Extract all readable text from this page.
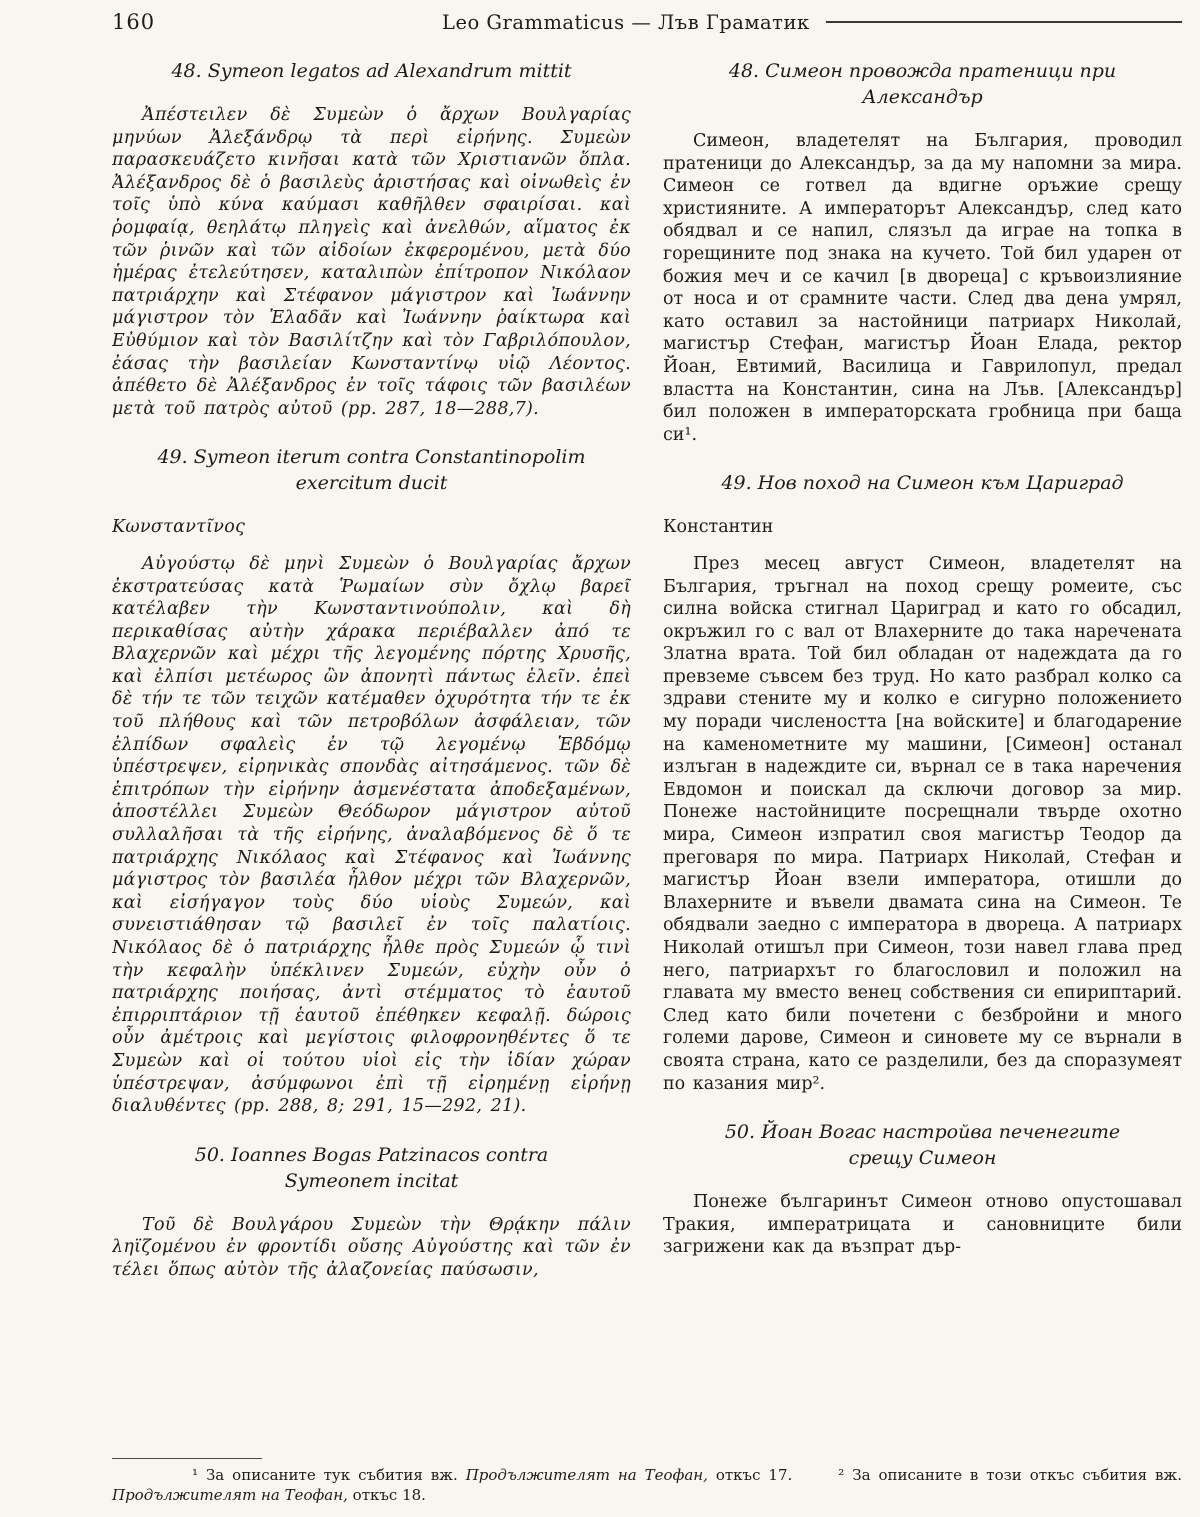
160	Leo Grammaticus — Лъв Граматик
48. Symeon legatos ad Alexandrum mittit

Ἀπέστειλεν δὲ Συμεὼν ὁ ἄρχων Βουλγαρίας μηνύων Ἀλεξάνδρῳ τὰ περὶ εἰρήνης. Συμεὼν παρασκευάζετο κινῆσαι κατὰ τῶν Χριστιανῶν ὅπλα. Ἀλέξανδρος δὲ ὁ βασιλεὺς ἀριστήσας καὶ οἰνωθεὶς ἐν τοῖς ὑπὸ κύνα καύμασι καθῆλθεν σφαιρίσαι. καὶ ῥομφαίᾳ, θεηλάτῳ πληγεὶς καὶ ἀνελθών, αἵματος ἐκ τῶν ῥινῶν καὶ τῶν αἰδοίων ἐκφερομένου, μετὰ δύο ἡμέρας ἐτελεύτησεν, καταλιπὼν ἐπίτροπον Νικόλαον πατριάρχην καὶ Στέφανον μάγιστρον καὶ Ἰωάννην μάγιστρον τὸν Ἐλαδᾶν καὶ Ἰωάννην ῥαίκτωρα καὶ Εὐθύμιον καὶ τὸν Βασιλίτζην καὶ τὸν Γαβριλόπουλον, ἐάσας τὴν βασιλείαν Κωνσταντίνῳ υἱῷ Λέοντος. ἀπέθετο δὲ Ἀλέξανδρος ἐν τοῖς τάφοις τῶν βασιλέων μετὰ τοῦ πατρὸς αὐτοῦ (pp. 287, 18—288,7).

49. Symeon iterum contra Constantinopolim exercitum ducit

Κωνσταντῖνος

Αὐγούστῳ δὲ μηνὶ Συμεὼν ὁ Βουλγαρίας ἄρχων ἐκστρατεύσας κατὰ Ῥωμαίων σὺν ὄχλῳ βαρεῖ κατέλαβεν τὴν Κωνσταντινούπολιν, καὶ δὴ περικαθίσας αὐτὴν χάρακα περιέβαλλεν ἀπό τε Βλαχερνῶν καὶ μέχρι τῆς λεγομένης πόρτης Χρυσῆς, καὶ ἐλπίσι μετέωρος ὢν ἀπονητὶ πάντως ἑλεῖν. ἐπεὶ δὲ τήν τε τῶν τειχῶν κατέμαθεν ὀχυρότητα τήν τε ἐκ τοῦ πλήθους καὶ τῶν πετροβόλων ἀσφάλειαν, τῶν ἐλπίδων σφαλεὶς ἐν τῷ λεγομένῳ Ἑβδόμῳ ὑπέστρεψεν, εἰρηνικὰς σπονδὰς αἰτησάμενος. τῶν δὲ ἐπιτρόπων τὴν εἰρήνην ἀσμενέστατα ἀποδεξαμένων, ἀποστέλλει Συμεὼν Θεόδωρον μάγιστρον αὐτοῦ συλλαλῆσαι τὰ τῆς εἰρήνης, ἀναλαβόμενος δὲ ὅ τε πατριάρχης Νικόλαος καὶ Στέφανος καὶ Ἰωάννης μάγιστρος τὸν βασιλέα ἦλθον μέχρι τῶν Βλαχερνῶν, καὶ εἰσήγαγον τοὺς δύο υἱοὺς Συμεών, καὶ συνειστιάθησαν τῷ βασιλεῖ ἐν τοῖς παλατίοις. Νικόλαος δὲ ὁ πατριάρχης ἦλθε πρὸς Συμεών ᾧ τινὶ τὴν κεφαλὴν ὑπέκλινεν Συμεών, εὐχὴν οὖν ὁ πατριάρχης ποιήσας, ἀντὶ στέμματος τὸ ἑαυτοῦ ἐπιρριπτάριον τῇ ἑαυτοῦ ἐπέθηκεν κεφαλῇ. δώροις οὖν ἀμέτροις καὶ μεγίστοις φιλοφρονηθέντες ὅ τε Συμεὼν καὶ οἱ τούτου υἱοὶ εἰς τὴν ἰδίαν χώραν ὑπέστρεψαν, ἀσύμφωνοι ἐπὶ τῇ εἰρημένῃ εἰρήνῃ διαλυθέντες (pp. 288, 8; 291, 15—292, 21).

50. Ioannes Bogas Patzinacos contra Symeonem incitat

Τοῦ δὲ Βουλγάρου Συμεὼν τὴν Θρᾴκην πάλιν ληϊζομένου ἐν φροντίδι οὔσης Αὐγούστης καὶ τῶν ἐν τέλει ὅπως αὐτὸν τῆς ἀλαζονείας παύσωσιν,

48. Симеон провожда пратеници при Александър

Симеон, владетелят на България, проводил пратеници до Александър, за да му напомни за мира. Симеон се готвел да вдигне оръжие срещу християните. А императорът Александър, след като обядвал и се напил, слязъл да играе на топка в горещините под знака на кучето. Той бил ударен от божия меч и се качил [в двореца] с кръвоизлияние от носа и от срамните части. След два дена умрял, като оставил за настойници патриарх Николай, магистър Стефан, магистър Йоан Елада, ректор Йоан, Евтимий, Василица и Гаврилопул, предал властта на Константин, сина на Лъв. [Александър] бил положен в императорската гробница при баща си¹.

49. Нов поход на Симеон към Цариград

Константин

През месец август Симеон, владетелят на България, тръгнал на поход срещу ромеите, със силна войска стигнал Цариград и като го обсадил, окръжил го с вал от Влахерните до така наречената Златна врата. Той бил обладан от надеждата да го превземе съвсем без труд. Но като разбрал колко са здрави стените му и колко е сигурно положението му поради числеността [на войските] и благодарение на каменометните му машини, [Симеон] останал излъган в надеждите си, върнал се в така наречения Евдомон и поискал да сключи договор за мир. Понеже настойниците посрещнали твърде охотно мира, Симеон изпратил своя магистър Теодор да преговаря по мира. Патриарх Николай, Стефан и магистър Йоан взели императора, отишли до Влахерните и въвели двамата сина на Симеон. Те обядвали заедно с императора в двореца. А патриарх Николай отишъл при Симеон, този навел глава пред него, патриархът го благословил и положил на главата му вместо венец собствения си епириптарий. След като били почетени с безбройни и много големи дарове, Симеон и синовете му се върнали в своята страна, като се разделили, без да споразумеят по казания мир².

50. Йоан Вогас настройва печенегите срещу Симеон

Понеже българинът Симеон отново опустошавал Тракия, императрицата и сановниците били загрижени как да възпрат дър-

¹ За описаните тук събития вж. Продължителят на Теофан, откъс 17.	² За описаните в този откъс събития вж. Продължителят на Теофан, откъс 18.
